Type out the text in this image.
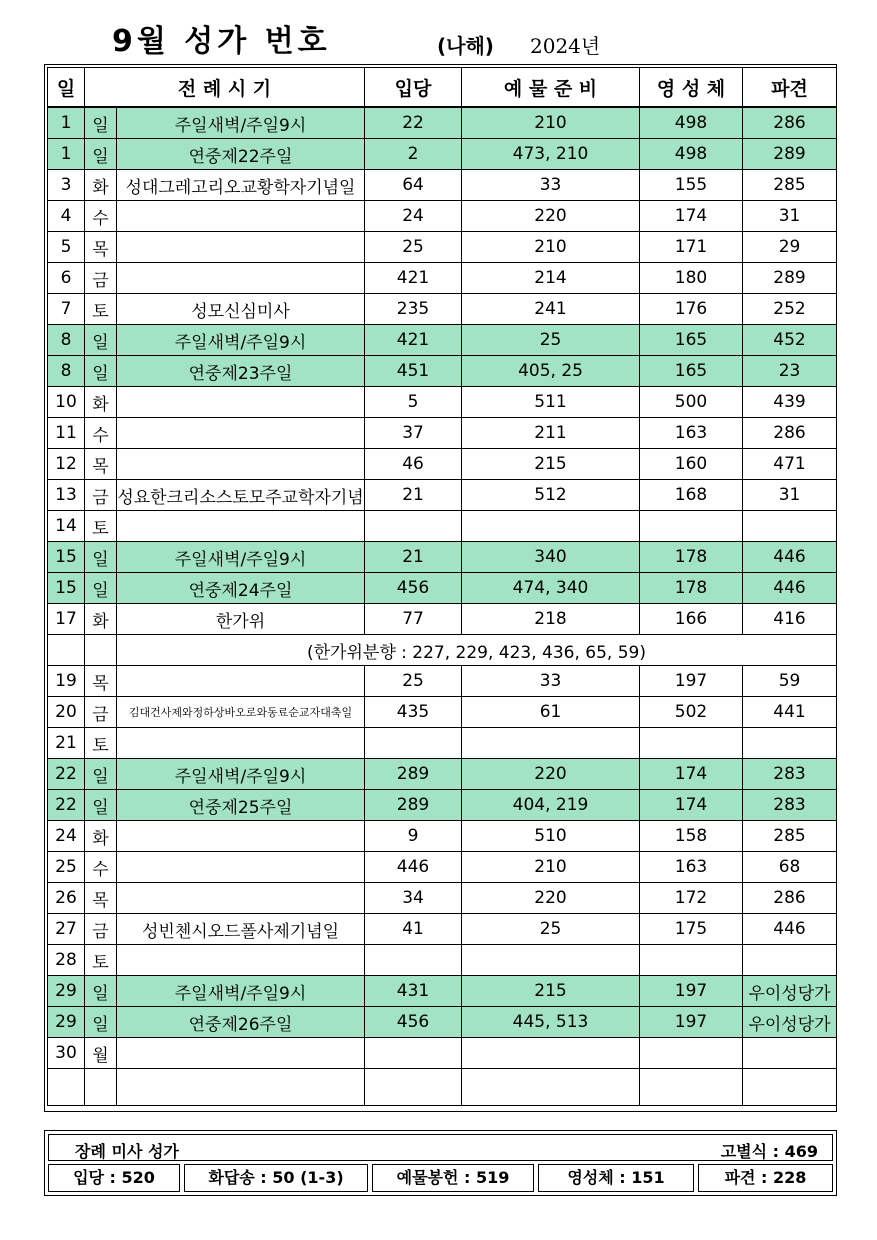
9월 성가 번호	(나해) 2024년
일	전 례 시 기		입당	예 물 준 비	영 성 체	파견
1	일	주일새벽/주일9시	22	210	498	286
1	일	연중제22주일	2	473, 210	498	289
3	화	성대그레고리오교황학자기념일	64	33	155	285
4	수		24	220	174	31
5	목		25	210	171	29
6	금		421	214	180	289
7	토	성모신심미사	235	241	176	252
8	일	주일새벽/주일9시	421	25	165	452
8	일	연중제23주일	451	405, 25	165	23
10	화		5	511	500	439
11	수		37	211	163	286
12	목		46	215	160	471
13	금	성요한크리소스토모주교학자기념	21	512	168	31
14	토					
15	일	주일새벽/주일9시	21	340	178	446
15	일	연중제24주일	456	474, 340	178	446
17	화	한가위	77	218	166	416
		(한가위분향 : 227, 229, 423, 436, 65, 59)				
19	목		25	33	197	59
20	금	김대건사제와정하상바오로와동료순교자대축일	435	61	502	441
21	토					
22	일	주일새벽/주일9시	289	220	174	283
22	일	연중제25주일	289	404, 219	174	283
24	화		9	510	158	285
25	수		446	210	163	68
26	목		34	220	172	286
27	금	성빈첸시오드폴사제기념일	41	25	175	446
28	토					
29	일	주일새벽/주일9시	431	215	197	우이성당가
29	일	연중제26주일	456	445, 513	197	우이성당가
30	월					

장례 미사 성가	고별식 : 469
입당 : 520	화답송 : 50 (1-3)	예물봉헌 : 519	영성체 : 151	파견 : 228
